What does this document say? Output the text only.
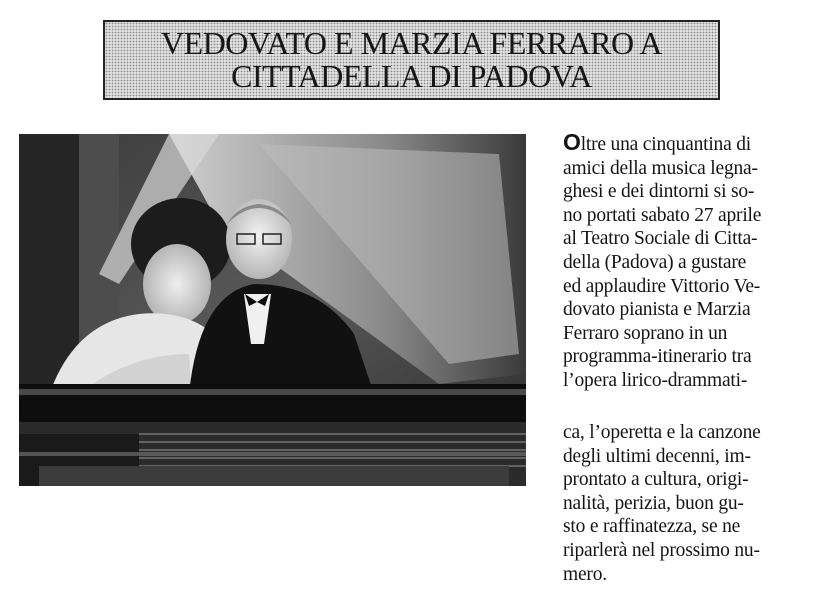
VEDOVATO E MARZIA FERRARO A
CITTADELLA DI PADOVA
Oltre una cinquantina di
amici della musica legna-
ghesi e dei dintorni si so-
no portati sabato 27 aprile
al Teatro Sociale di Citta-
della (Padova) a gustare
ed applaudire Vittorio Ve-
dovato pianista e Marzia
Ferraro soprano in un
programma-itinerario tra
l’opera lirico-drammati-
ca, l’operetta e la canzone
degli ultimi decenni, im-
prontato a cultura, origi-
nalità, perizia, buon gu-
sto e raffinatezza, se ne
riparlerà nel prossimo nu-
mero.
